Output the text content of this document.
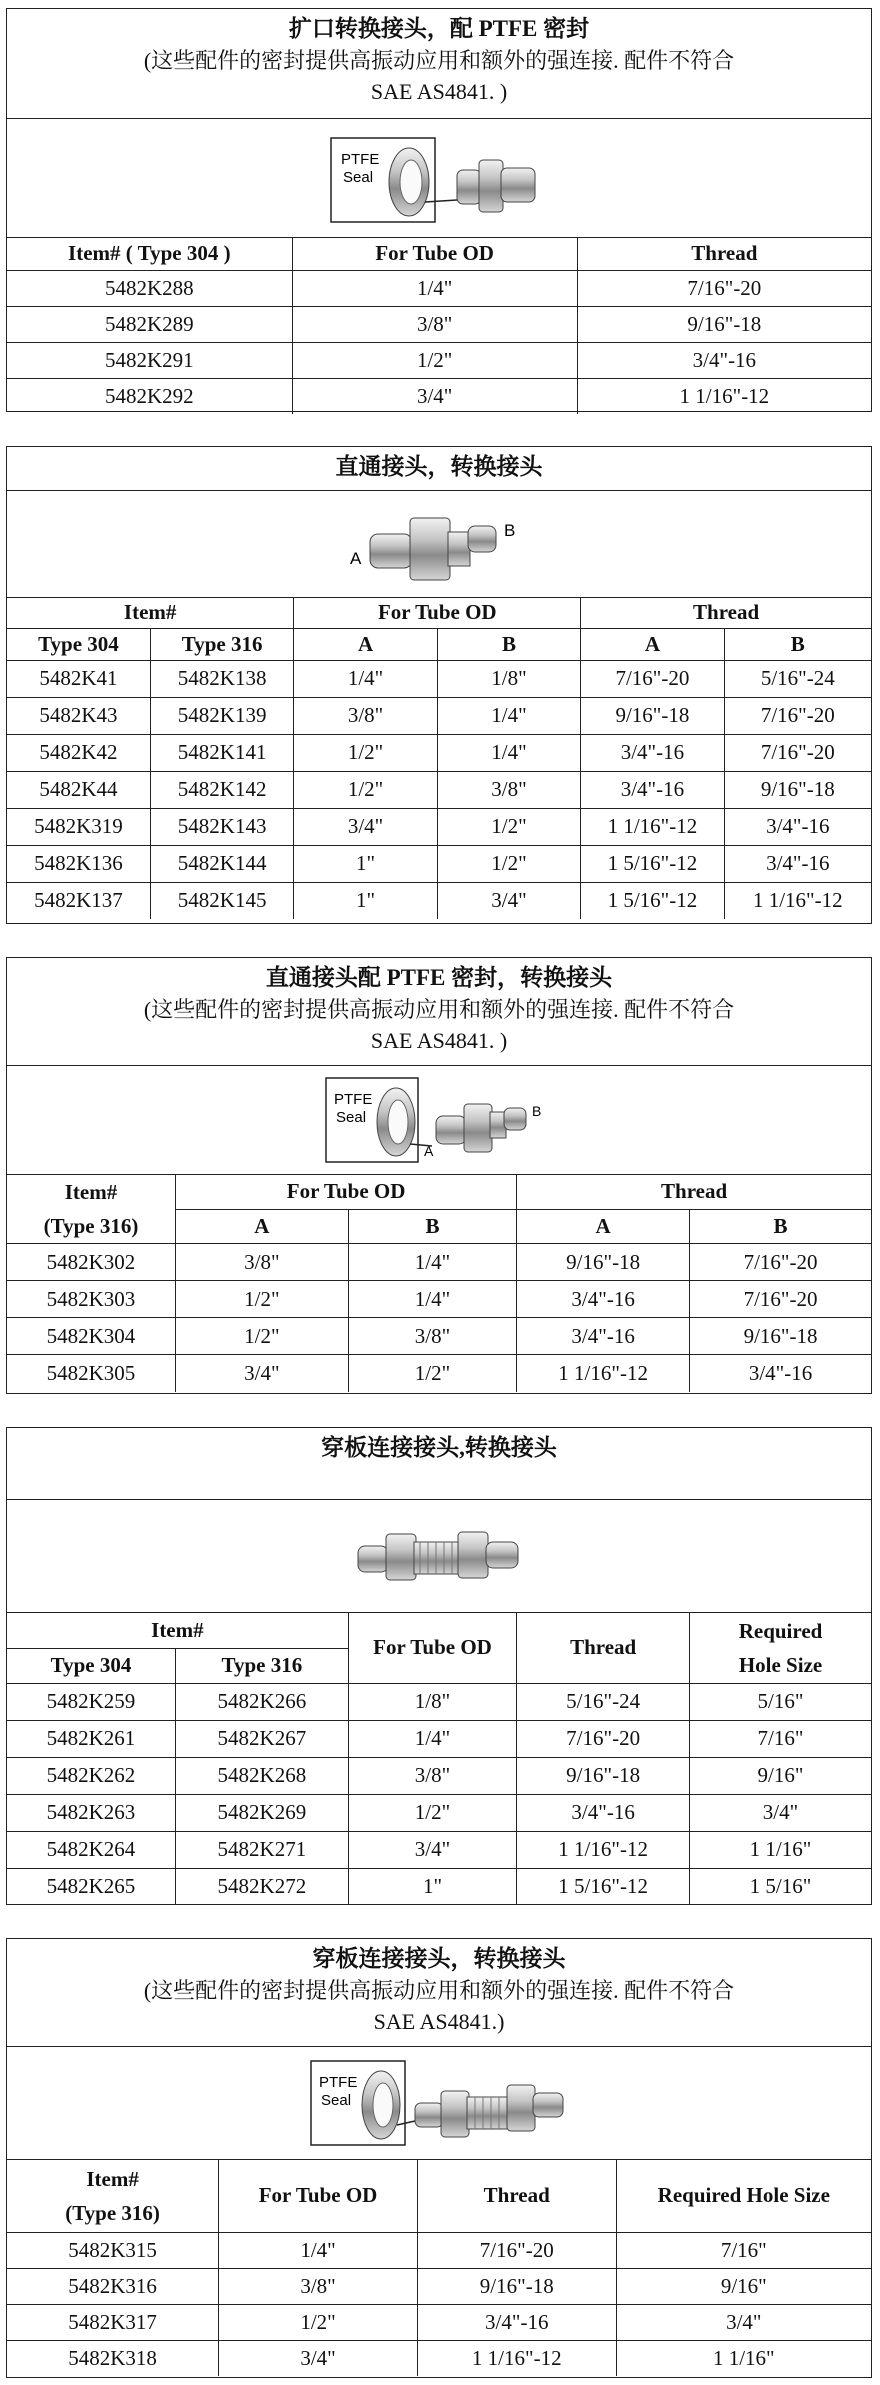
扩口转换接头，配 PTFE 密封
(这些配件的密封提供高振动应用和额外的强连接. 配件不符合
SAE AS4841. )
PTFE
Seal
Item# ( Type 304 )	For Tube OD	Thread
5482K288	1/4"	7/16"-20
5482K289	3/8"	9/16"-18
5482K291	1/2"	3/4"-16
5482K292	3/4"	1 1/16"-12
直通接头，转换接头
A
B
Item#		For Tube OD		Thread	
Type 304	Type 316	A	B	A	B
5482K41	5482K138	1/4"	1/8"	7/16"-20	5/16"-24
5482K43	5482K139	3/8"	1/4"	9/16"-18	7/16"-20
5482K42	5482K141	1/2"	1/4"	3/4"-16	7/16"-20
5482K44	5482K142	1/2"	3/8"	3/4"-16	9/16"-18
5482K319	5482K143	3/4"	1/2"	1 1/16"-12	3/4"-16
5482K136	5482K144	1"	1/2"	1 5/16"-12	3/4"-16
5482K137	5482K145	1"	3/4"	1 5/16"-12	1 1/16"-12
直通接头配 PTFE 密封，转换接头
(这些配件的密封提供高振动应用和额外的强连接. 配件不符合
SAE AS4841. )
PTFE
Seal
A
B
Item#
(Type 316)	For Tube OD		Thread	
	A	B	A	B
5482K302	3/8"	1/4"	9/16"-18	7/16"-20
5482K303	1/2"	1/4"	3/4"-16	7/16"-20
5482K304	1/2"	3/8"	3/4"-16	9/16"-18
5482K305	3/4"	1/2"	1 1/16"-12	3/4"-16
穿板连接接头,转换接头
Item#		For Tube OD	Thread	Required
Hole Size

Type 304	Type 316			
5482K259	5482K266	1/8"	5/16"-24	5/16"
5482K261	5482K267	1/4"	7/16"-20	7/16"
5482K262	5482K268	3/8"	9/16"-18	9/16"
5482K263	5482K269	1/2"	3/4"-16	3/4"
5482K264	5482K271	3/4"	1 1/16"-12	1 1/16"
5482K265	5482K272	1"	1 5/16"-12	1 5/16"
穿板连接接头，转换接头
(这些配件的密封提供高振动应用和额外的强连接. 配件不符合
SAE AS4841.)
PTFE
Seal
Item#
(Type 316)	For Tube OD	Thread	Required Hole Size
5482K315	1/4"	7/16"-20	7/16"
5482K316	3/8"	9/16"-18	9/16"
5482K317	1/2"	3/4"-16	3/4"
5482K318	3/4"	1 1/16"-12	1 1/16"
